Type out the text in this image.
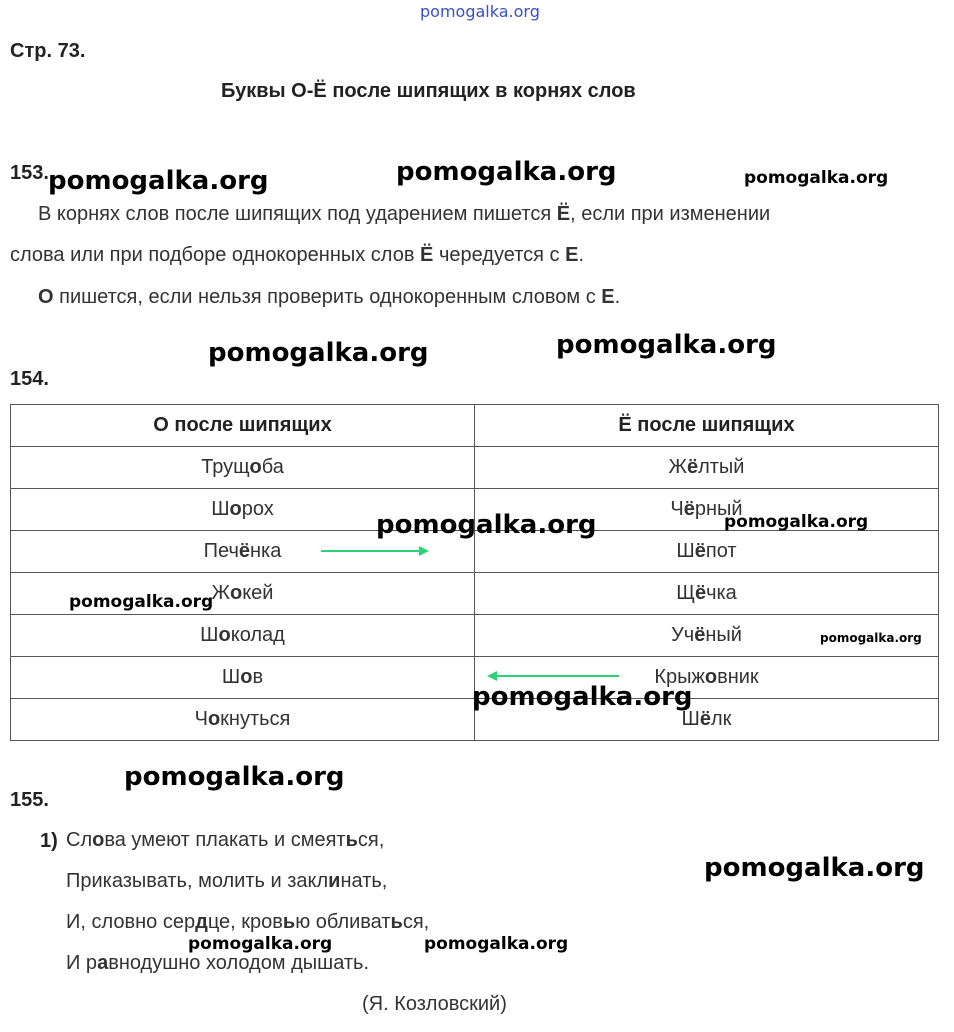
pomogalka.org
Стр. 73.
Буквы О-Ё после шипящих в корнях слов
153.
В корнях слов после шипящих под ударением пишется Ё, если при изменении
слова или при подборе однокоренных слов Ё чередуется с Е.
О пишется, если нельзя проверить однокоренным словом с Е.
154.
О после шипящих	Ё после шипящих
Трущоба	Жёлтый
Шорох	Чёрный
Печёнка	Шёпот
Жокей	Щёчка
Шоколад	Учёный
Шов	Крыжовник
Чокнуться	Шёлк
155.
1) Слова умеют плакать и смеяться,
Приказывать, молить и заклинать,
И, словно сердце, кровью обливаться,
И равнодушно холодом дышать.
(Я. Козловский)
pomogalka.org	pomogalka.org	pomogalka.org
pomogalka.org	pomogalka.org
pomogalka.org	pomogalka.org
pomogalka.org
pomogalka.org
pomogalka.org
pomogalka.org
pomogalka.org
pomogalka.org	pomogalka.org
